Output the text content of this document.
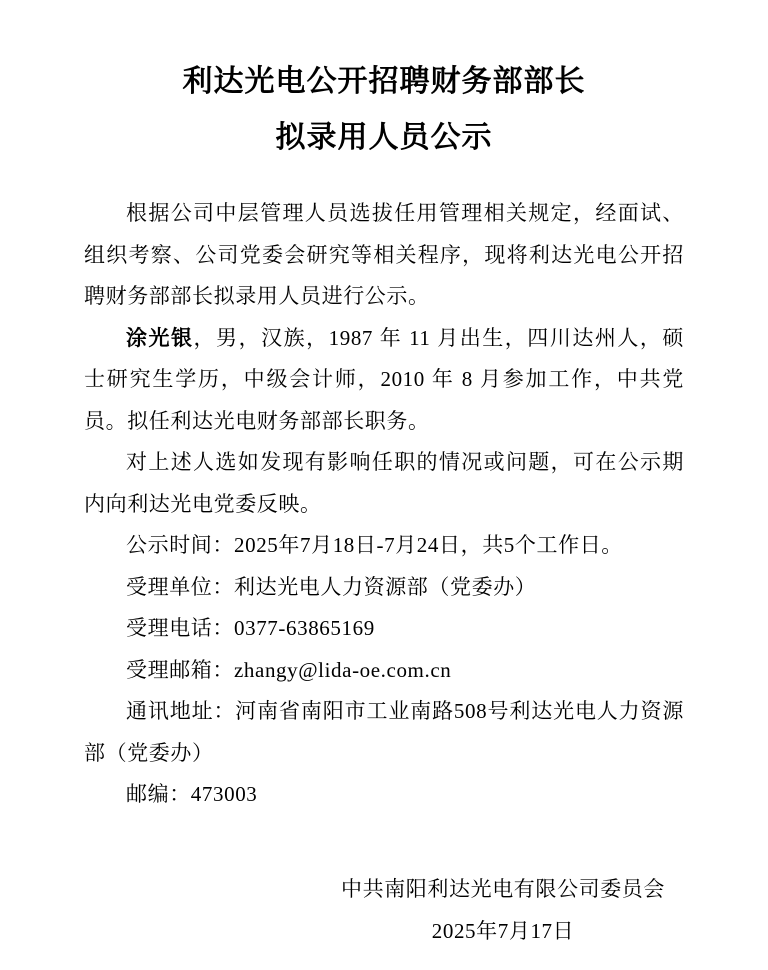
利达光电公开招聘财务部部长
拟录用人员公示

根据公司中层管理人员选拔任用管理相关规定，经面试、组织考察、公司党委会研究等相关程序，现将利达光电公开招聘财务部部长拟录用人员进行公示。

涂光银，男，汉族，1987 年 11 月出生，四川达州人，硕士研究生学历，中级会计师，2010 年 8 月参加工作，中共党员。拟任利达光电财务部部长职务。

对上述人选如发现有影响任职的情况或问题，可在公示期内向利达光电党委反映。

公示时间：2025年7月18日-7月24日，共5个工作日。

受理单位：利达光电人力资源部（党委办）

受理电话：0377-63865169

受理邮箱：zhangy@lida-oe.com.cn

通讯地址：河南省南阳市工业南路508号利达光电人力资源部（党委办）

邮编：473003

中共南阳利达光电有限公司委员会

2025年7月17日
